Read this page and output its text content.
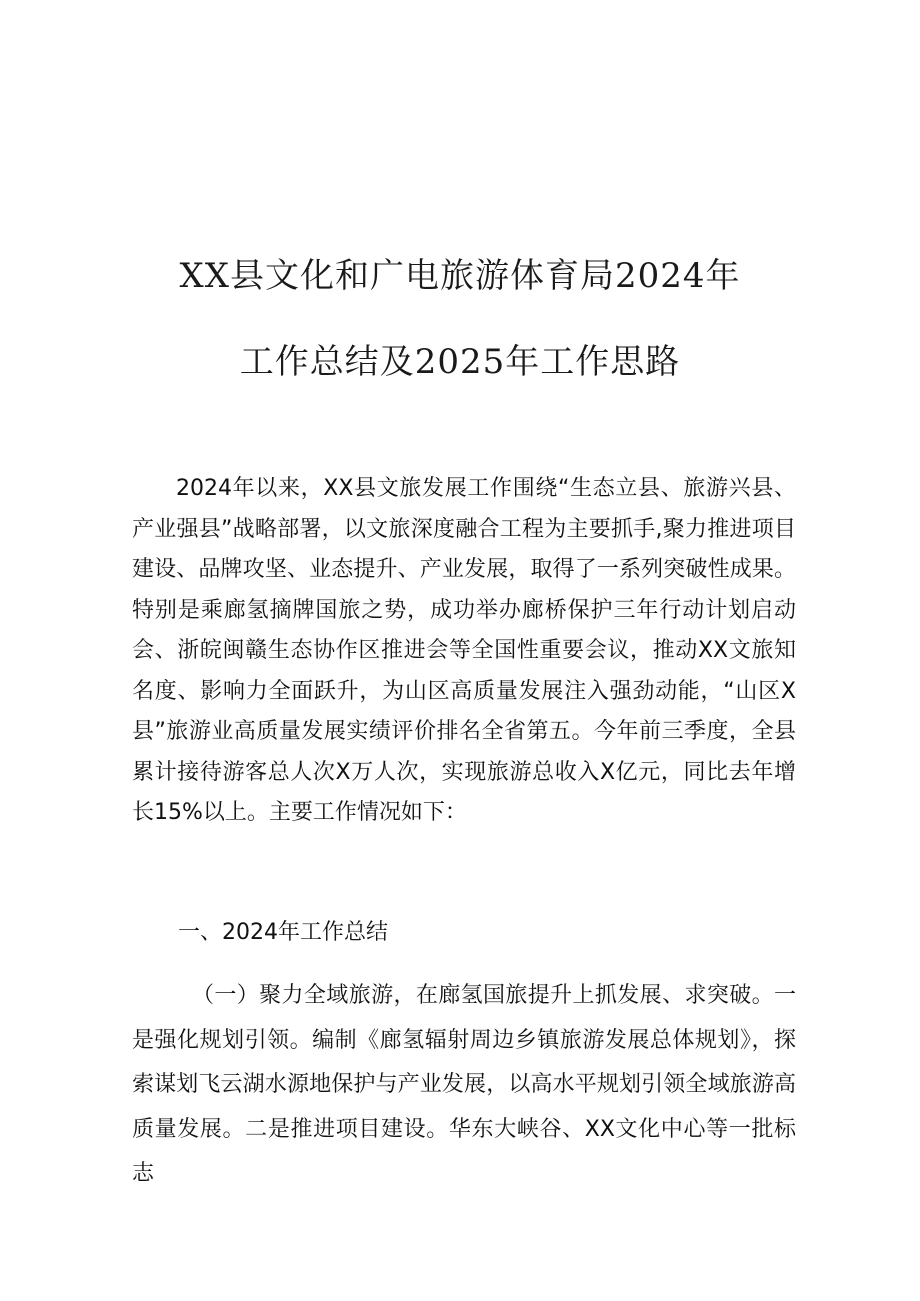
XX县文化和广电旅游体育局2024年
工作总结及2025年工作思路

2024年以来，XX县文旅发展工作围绕“生态立县、旅游兴县、产业强县”战略部署，以文旅深度融合工程为主要抓手,聚力推进项目建设、品牌攻坚、业态提升、产业发展，取得了一系列突破性成果。特别是乘廊氢摘牌国旅之势，成功举办廊桥保护三年行动计划启动会、浙皖闽赣生态协作区推进会等全国性重要会议，推动XX文旅知名度、影响力全面跃升，为山区高质量发展注入强劲动能，“山区X县”旅游业高质量发展实绩评价排名全省第五。今年前三季度，全县累计接待游客总人次X万人次，实现旅游总收入X亿元，同比去年增长15%以上。主要工作情况如下：

一、2024年工作总结

（一）聚力全域旅游，在廊氢国旅提升上抓发展、求突破。一是强化规划引领。编制《廊氢辐射周边乡镇旅游发展总体规划》，探索谋划飞云湖水源地保护与产业发展，以高水平规划引领全域旅游高质量发展。二是推进项目建设。华东大峡谷、XX文化中心等一批标志
